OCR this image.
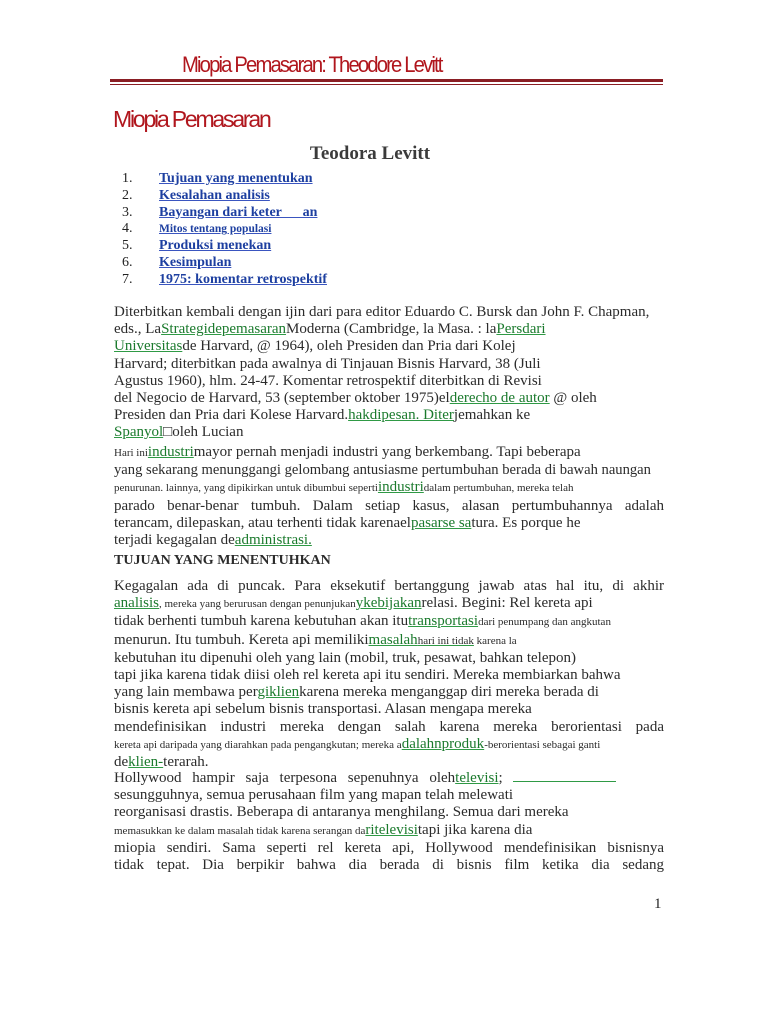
Miopia Pemasaran: Theodore Levitt
Miopia Pemasaran
Teodora Levitt
1.	Tujuan yang menentukan
2.	Kesalahan analisis
3.	Bayangan dari keter      an
4.	Mitos tentang populasi
5.	Produksi menekan
6.	Kesimpulan
7.	1975: komentar retrospektif

Diterbitkan kembali dengan ijin dari para editor Eduardo C. Bursk dan John F. Chapman,

eds., LaStrategidepemasaranModerna (Cambridge, la Masa. : laPersdari

Universitasde Harvard, @ 1964), oleh Presiden dan Pria dari Kolej

Harvard; diterbitkan pada awalnya di Tinjauan Bisnis Harvard, 38 (Juli

Agustus 1960), hlm. 24-47. Komentar retrospektif diterbitkan di Revisi

del Negocio de Harvard, 53 (september oktober 1975)elderecho de autor @ oleh

Presiden dan Pria dari Kolese Harvard.hakdipesan. Diterjemahkan ke

Spanyol□oleh Lucian

Hari iniindustrimayor pernah menjadi industri yang berkembang. Tapi beberapa

yang sekarang menunggangi gelombang antusiasme pertumbuhan berada di bawah naungan

penurunan. lainnya, yang dipikirkan untuk dibumbui sepertiindustridalam pertumbuhan, mereka telah

parado benar-benar tumbuh. Dalam setiap kasus, alasan pertumbuhannya adalah

terancam, dilepaskan, atau terhenti tidak karenaelpasarse satura. Es porque he

terjadi kegagalan deadministrasi.

TUJUAN YANG MENENTUHKAN

Kegagalan ada di puncak. Para eksekutif bertanggung jawab atas hal itu, di akhir

analisis, mereka yang berurusan dengan penunjukanykebijakanrelasi. Begini: Rel kereta api

tidak berhenti tumbuh karena kebutuhan akan itutransportasidari penumpang dan angkutan

menurun. Itu tumbuh. Kereta api memilikimasalahhari ini tidak karena la

kebutuhan itu dipenuhi oleh yang lain (mobil, truk, pesawat, bahkan telepon)

tapi jika karena tidak diisi oleh rel kereta api itu sendiri. Mereka membiarkan bahwa

yang lain membawa pergiklienkarena mereka menganggap diri mereka berada di

bisnis kereta api sebelum bisnis transportasi. Alasan mengapa mereka

mendefinisikan industri mereka dengan salah karena mereka berorientasi pada

kereta api daripada yang diarahkan pada pengangkutan; mereka adalahnproduk-berorientasi sebagai ganti

deklien-terarah.

Hollywood hampir saja terpesona sepenuhnya olehtelevisi;

sesungguhnya, semua perusahaan film yang mapan telah melewati

reorganisasi drastis. Beberapa di antaranya menghilang. Semua dari mereka

memasukkan ke dalam masalah tidak karena serangan daritelevisitapi jika karena dia

miopia sendiri. Sama seperti rel kereta api, Hollywood mendefinisikan bisnisnya

tidak tepat. Dia berpikir bahwa dia berada di bisnis film ketika dia sedang

1
